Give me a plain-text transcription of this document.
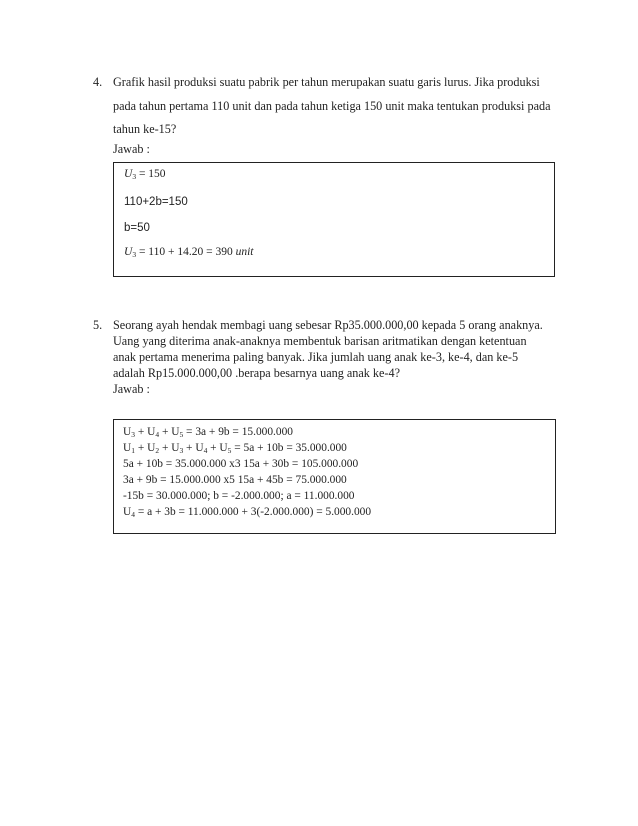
4. Grafik hasil produksi suatu pabrik per tahun merupakan suatu garis lurus. Jika produksi
pada tahun pertama 110 unit dan pada tahun ketiga 150 unit maka tentukan produksi pada
tahun ke-15?
Jawab :
$U_3 = 150$
110+2b=150
b=50
$U_3 = 110 + 14.20 = 390$ unit
5. Seorang ayah hendak membagi uang sebesar Rp35.000.000,00 kepada 5 orang anaknya.
Uang yang diterima anak-anaknya membentuk barisan aritmatikan dengan ketentuan
anak pertama menerima paling banyak. Jika jumlah uang anak ke-3, ke-4, dan ke-5
adalah Rp15.000.000,00 .berapa besarnya uang anak ke-4?
Jawab :
$U_3 + U_4 + U_5 = 3a + 9b = 15.000.000$
$U_1 + U_2 + U_3 + U_4 + U_5 = 5a + 10b = 35.000.000$
5a + 10b = 35.000.000 x3 15a + 30b = 105.000.000
3a + 9b = 15.000.000 x5 15a + 45b = 75.000.000
-15b = 30.000.000; b = -2.000.000; a = 11.000.000
$U_4 = a + 3b = 11.000.000 + 3(-2.000.000) = 5.000.000$
